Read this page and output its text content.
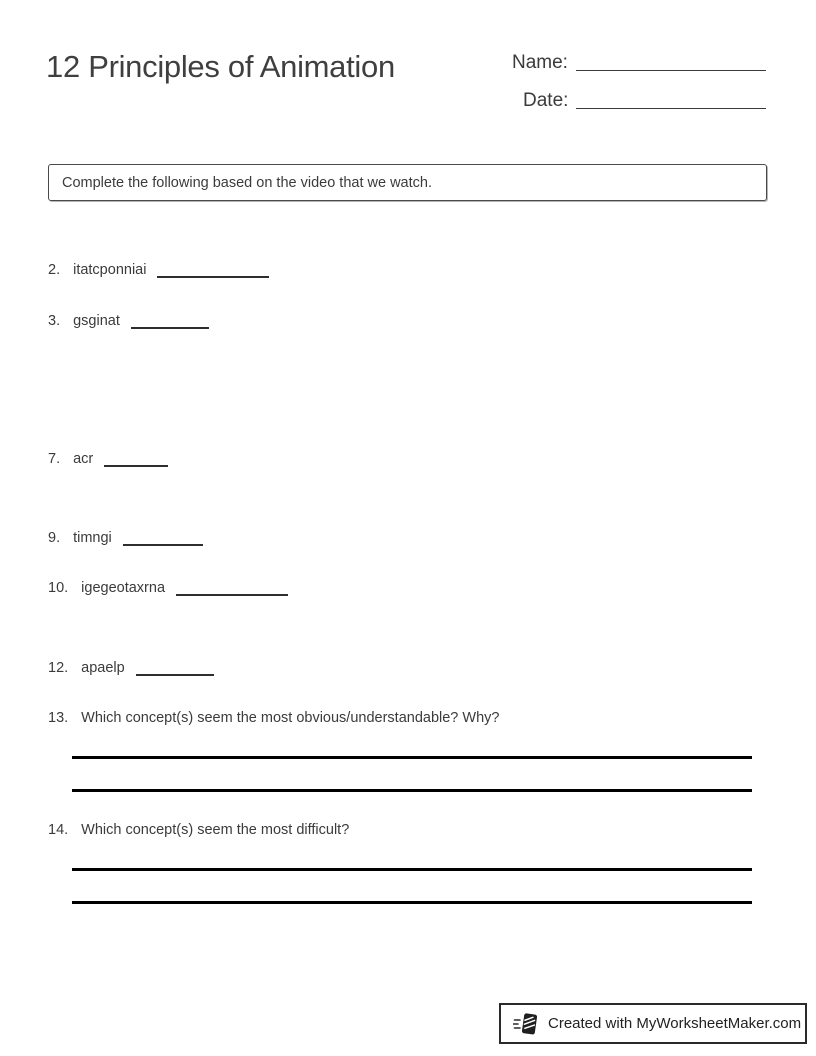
12 Principles of Animation	Name:
Date:
Complete the following based on the video that we watch.
2. itatcponniai
3. gsginat
7. acr
9. timngi
10. igegeotaxrna
12. apaelp
13. Which concept(s) seem the most obvious/understandable? Why?
14. Which concept(s) seem the most difficult?
Created with MyWorksheetMaker.com
